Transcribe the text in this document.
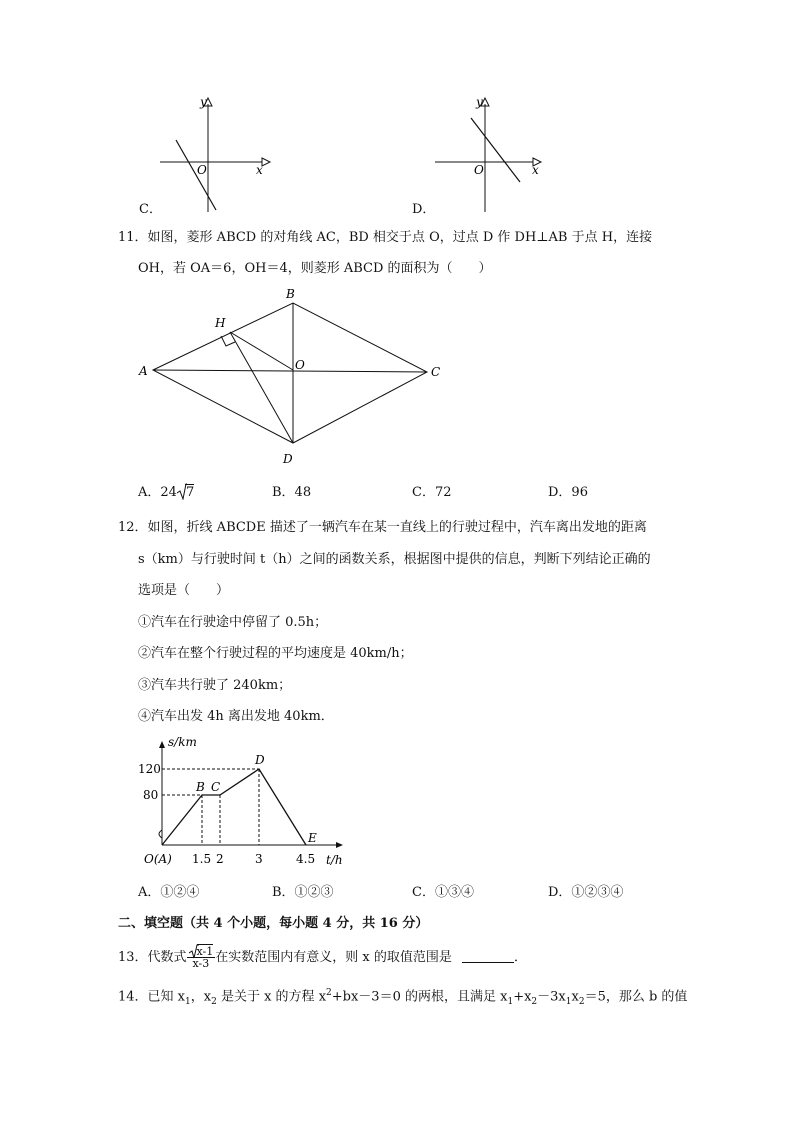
y
x
O
C．
y
x
O
D．
11．如图，菱形 ABCD 的对角线 AC，BD 相交于点 O，过点 D 作 DH⊥AB 于点 H，连接
OH，若 OA＝6，OH＝4，则菱形 ABCD 的面积为（　　）
B
H
A	O	C
D
A．24 7	B．48	C．72	D．96
12．如图，折线 ABCDE 描述了一辆汽车在某一直线上的行驶过程中，汽车离出发地的距离
s（km）与行驶时间 t（h）之间的函数关系，根据图中提供的信息，判断下列结论正确的
选项是（　　）
①汽车在行驶途中停留了 0.5h；
②汽车在整个行驶过程的平均速度是 40km/h；
③汽车共行驶了 240km；
④汽车出发 4h 离出发地 40km．
s/km
t/h
120
80
O(A) 1.5 2	3	4.5
B C
D
E
A．①②④	B．①②③	C．①③④	D．①②③④
二、填空题（共 4 个小题，每小题 4 分，共 16 分）
13．代数式 $\frac{x-1}{x-3}$ 在实数范围内有意义，则 x 的取值范围是	．
14．已知 $x_1$，$x_2$ 是关于 x 的方程 $x^2+bx-3=0$ 的两根，且满足 $x_1+x_2-3x_1x_2=5$，那么 b 的值
